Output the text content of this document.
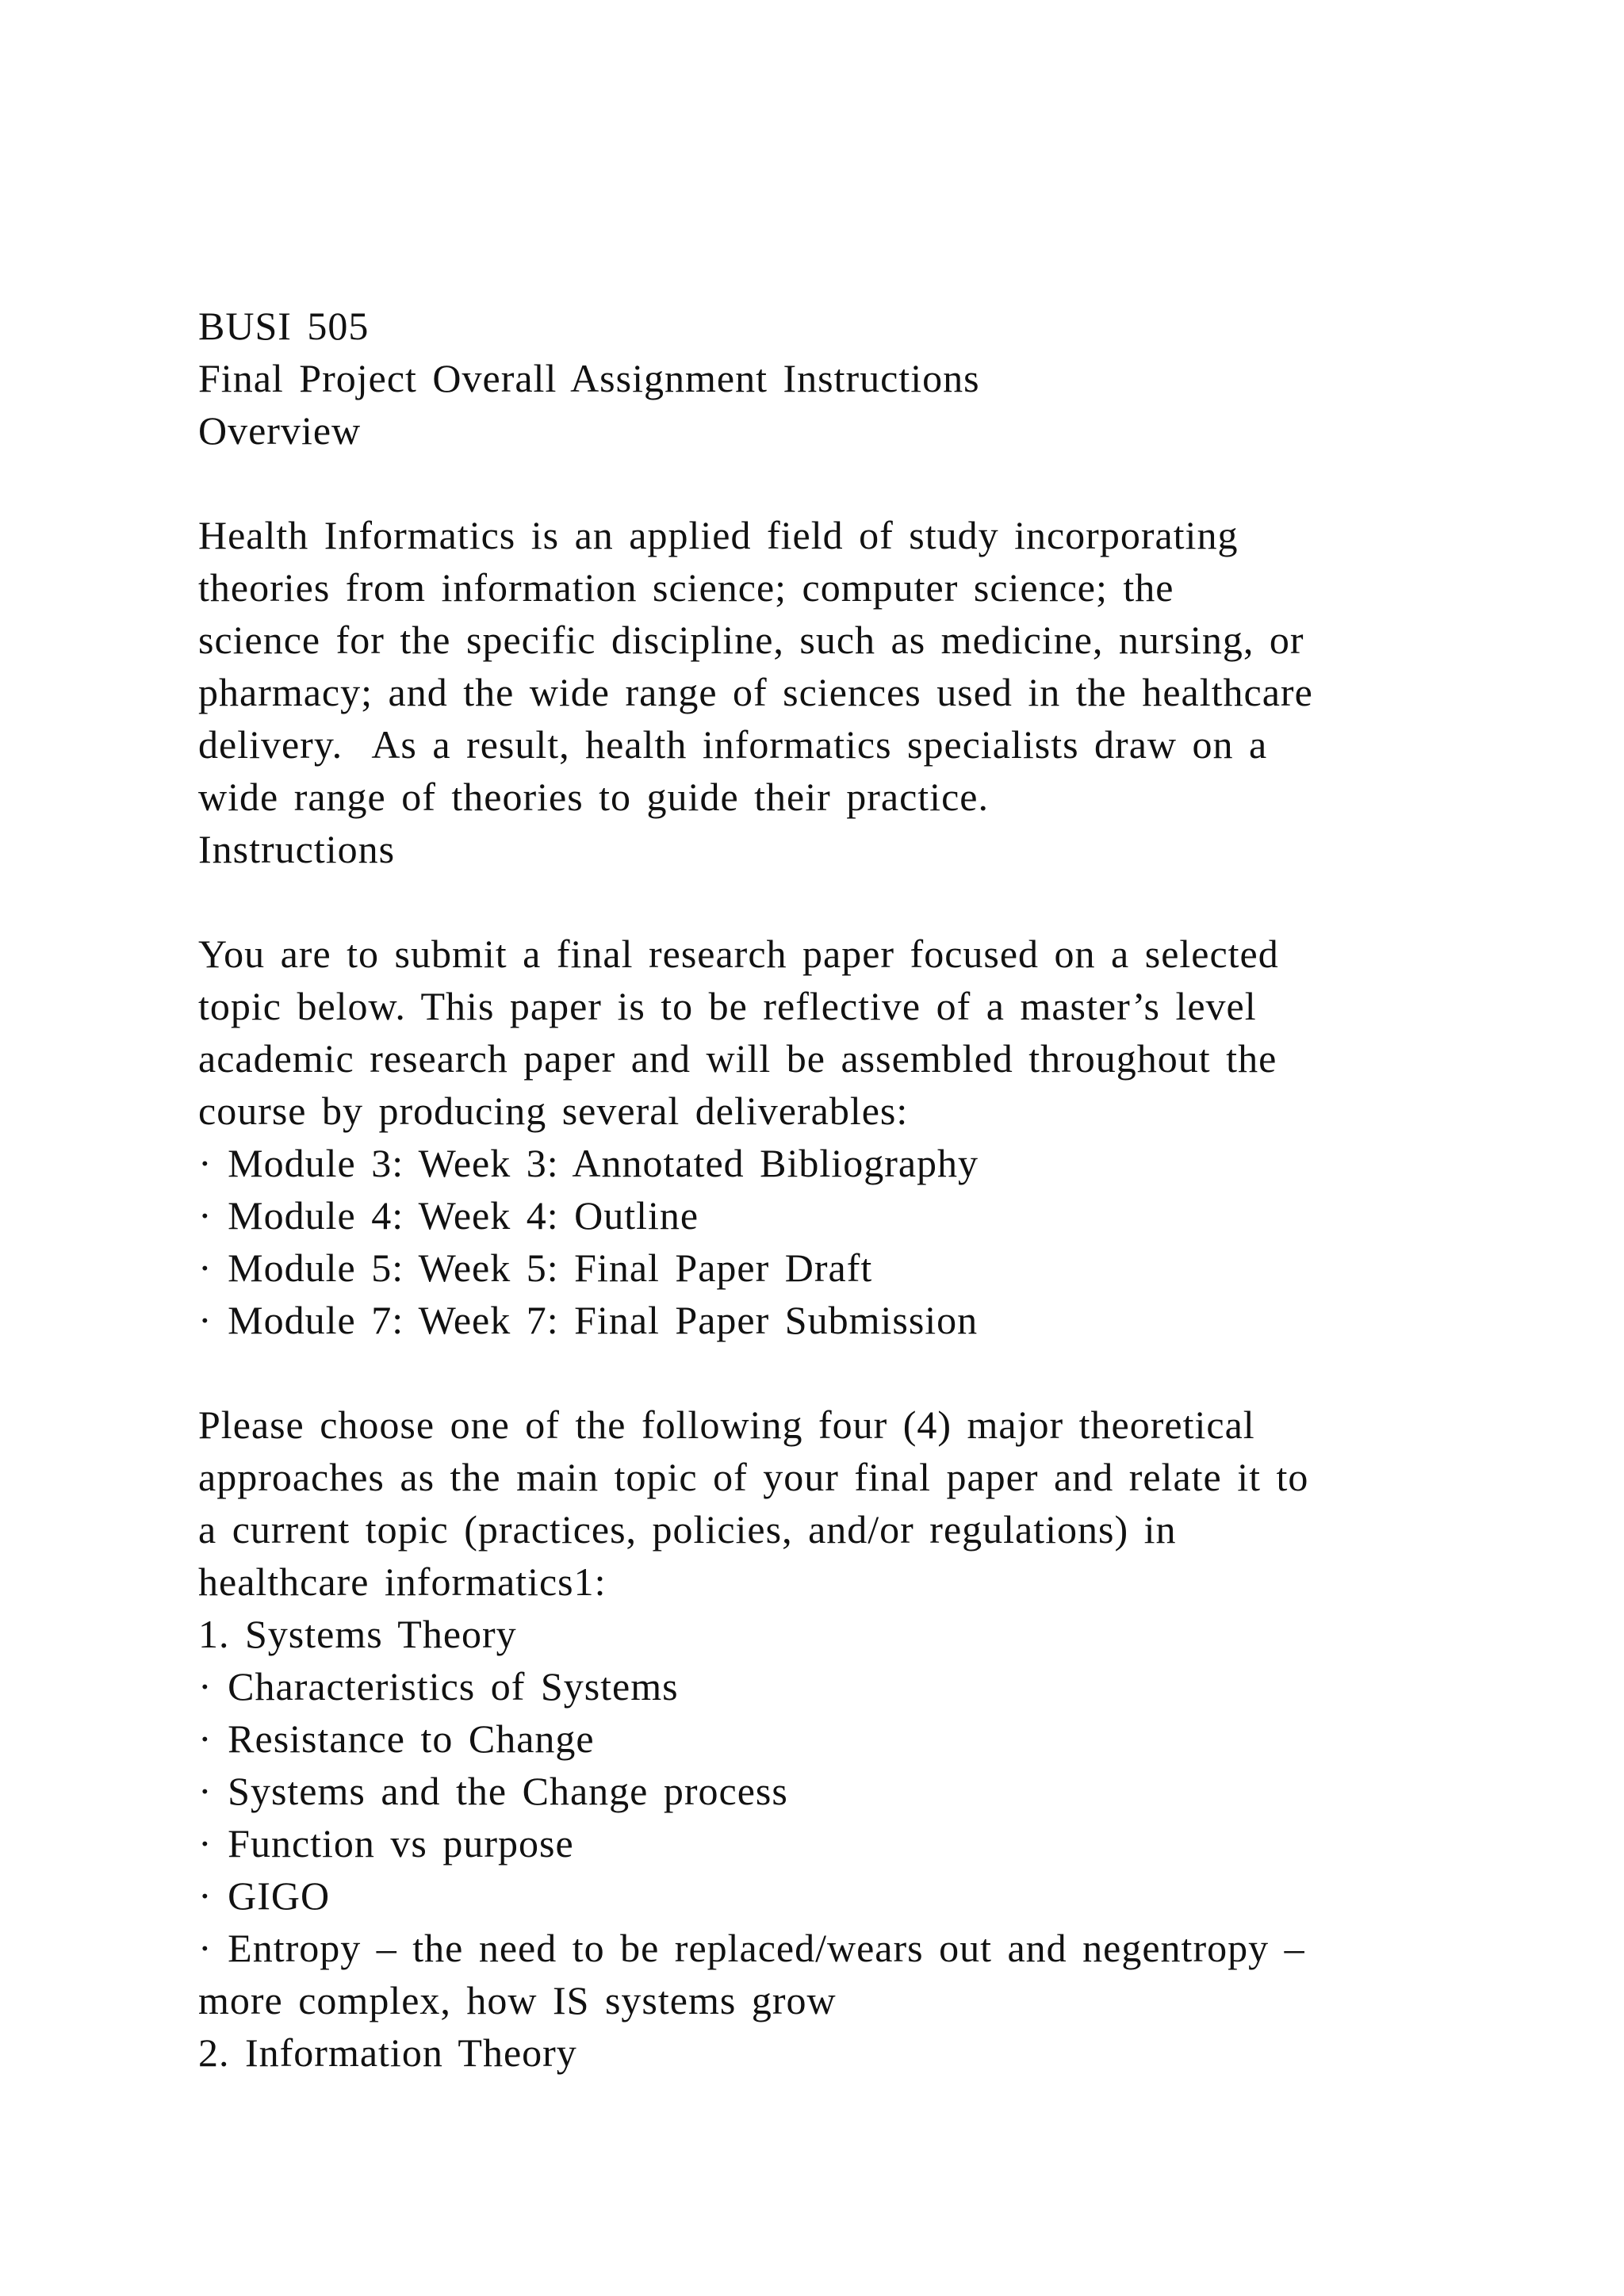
BUSI 505
Final Project Overall Assignment Instructions
Overview
Health Informatics is an applied field of study incorporating
theories from information science; computer science; the
science for the specific discipline, such as medicine, nursing, or
pharmacy; and the wide range of sciences used in the healthcare
delivery.  As a result, health informatics specialists draw on a
wide range of theories to guide their practice.
Instructions
You are to submit a final research paper focused on a selected
topic below. This paper is to be reflective of a master’s level
academic research paper and will be assembled throughout the
course by producing several deliverables:
· Module 3: Week 3: Annotated Bibliography
· Module 4: Week 4: Outline
· Module 5: Week 5: Final Paper Draft
· Module 7: Week 7: Final Paper Submission
Please choose one of the following four (4) major theoretical
approaches as the main topic of your final paper and relate it to
a current topic (practices, policies, and/or regulations) in
healthcare informatics1:
1. Systems Theory
· Characteristics of Systems
· Resistance to Change
· Systems and the Change process
· Function vs purpose
· GIGO
· Entropy – the need to be replaced/wears out and negentropy –
more complex, how IS systems grow
2. Information Theory
